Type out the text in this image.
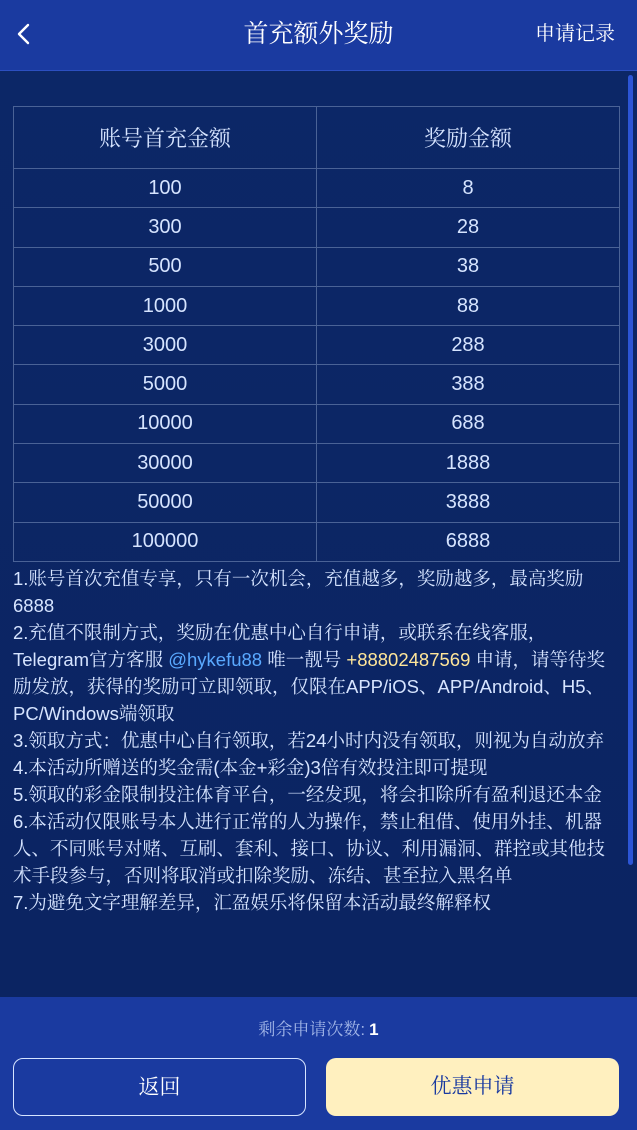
首充额外奖励	申请记录
账号首充金额	奖励金额
100	8
300	28
500	38
1000	88
3000	288
5000	388
10000	688
30000	1888
50000	3888
100000	6888

1.账号首次充值专享，只有一次机会，充值越多，奖励越多，最高奖励6888

2.充值不限制方式，奖励在优惠中心自行申请，或联系在线客服，Telegram官方客服 @hykefu88 唯一靓号 +88802487569 申请，请等待奖励发放，获得的奖励可立即领取，仅限在APP/iOS、APP/Android、H5、PC/Windows端领取

3.领取方式：优惠中心自行领取，若24小时内没有领取，则视为自动放弃

4.本活动所赠送的奖金需(本金+彩金)3倍有效投注即可提现

5.领取的彩金限制投注体育平台，一经发现，将会扣除所有盈利退还本金

6.本活动仅限账号本人进行正常的人为操作，禁止租借、使用外挂、机器人、不同账号对赌、互刷、套利、接口、协议、利用漏洞、群控或其他技术手段参与，否则将取消或扣除奖励、冻结、甚至拉入黑名单

7.为避免文字理解差异，汇盈娱乐将保留本活动最终解释权

剩余申请次数: 1
返回	优惠申请
